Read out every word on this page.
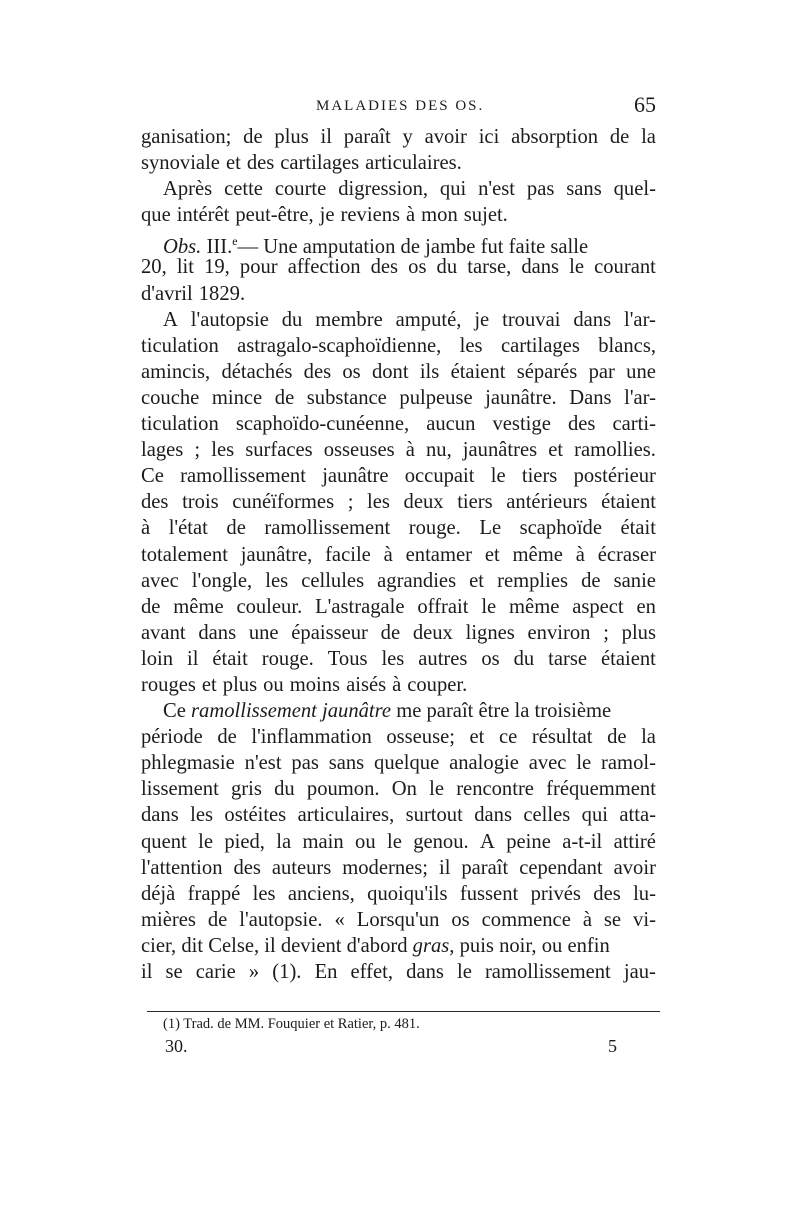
MALADIES DES OS.	65
ganisation; de plus il paraît y avoir ici absorption de la
synoviale et des cartilages articulaires.
Après cette courte digression, qui n'est pas sans quel-
que intérêt peut-être, je reviens à mon sujet.
Obs. III.$^e$— Une amputation de jambe fut faite salle
20, lit 19, pour affection des os du tarse, dans le courant
d'avril 1829.
A l'autopsie du membre amputé, je trouvai dans l'ar-
ticulation astragalo-scaphoïdienne, les cartilages blancs,
amincis, détachés des os dont ils étaient séparés par une
couche mince de substance pulpeuse jaunâtre. Dans l'ar-
ticulation scaphoïdo-cunéenne, aucun vestige des carti-
lages ; les surfaces osseuses à nu, jaunâtres et ramollies.
Ce ramollissement jaunâtre occupait le tiers postérieur
des trois cunéïformes ; les deux tiers antérieurs étaient
à l'état de ramollissement rouge. Le scaphoïde était
totalement jaunâtre, facile à entamer et même à écraser
avec l'ongle, les cellules agrandies et remplies de sanie
de même couleur. L'astragale offrait le même aspect en
avant dans une épaisseur de deux lignes environ ; plus
loin il était rouge. Tous les autres os du tarse étaient
rouges et plus ou moins aisés à couper.
Ce ramollissement jaunâtre me paraît être la troisième
période de l'inflammation osseuse; et ce résultat de la
phlegmasie n'est pas sans quelque analogie avec le ramol-
lissement gris du poumon. On le rencontre fréquemment
dans les ostéites articulaires, surtout dans celles qui atta-
quent le pied, la main ou le genou. A peine a-t-il attiré
l'attention des auteurs modernes; il paraît cependant avoir
déjà frappé les anciens, quoiqu'ils fussent privés des lu-
mières de l'autopsie. « Lorsqu'un os commence à se vi-
cier, dit Celse, il devient d'abord gras, puis noir, ou enfin
il se carie » (1). En effet, dans le ramollissement jau-
(1) Trad. de MM. Fouquier et Ratier, p. 481.
30.	5
